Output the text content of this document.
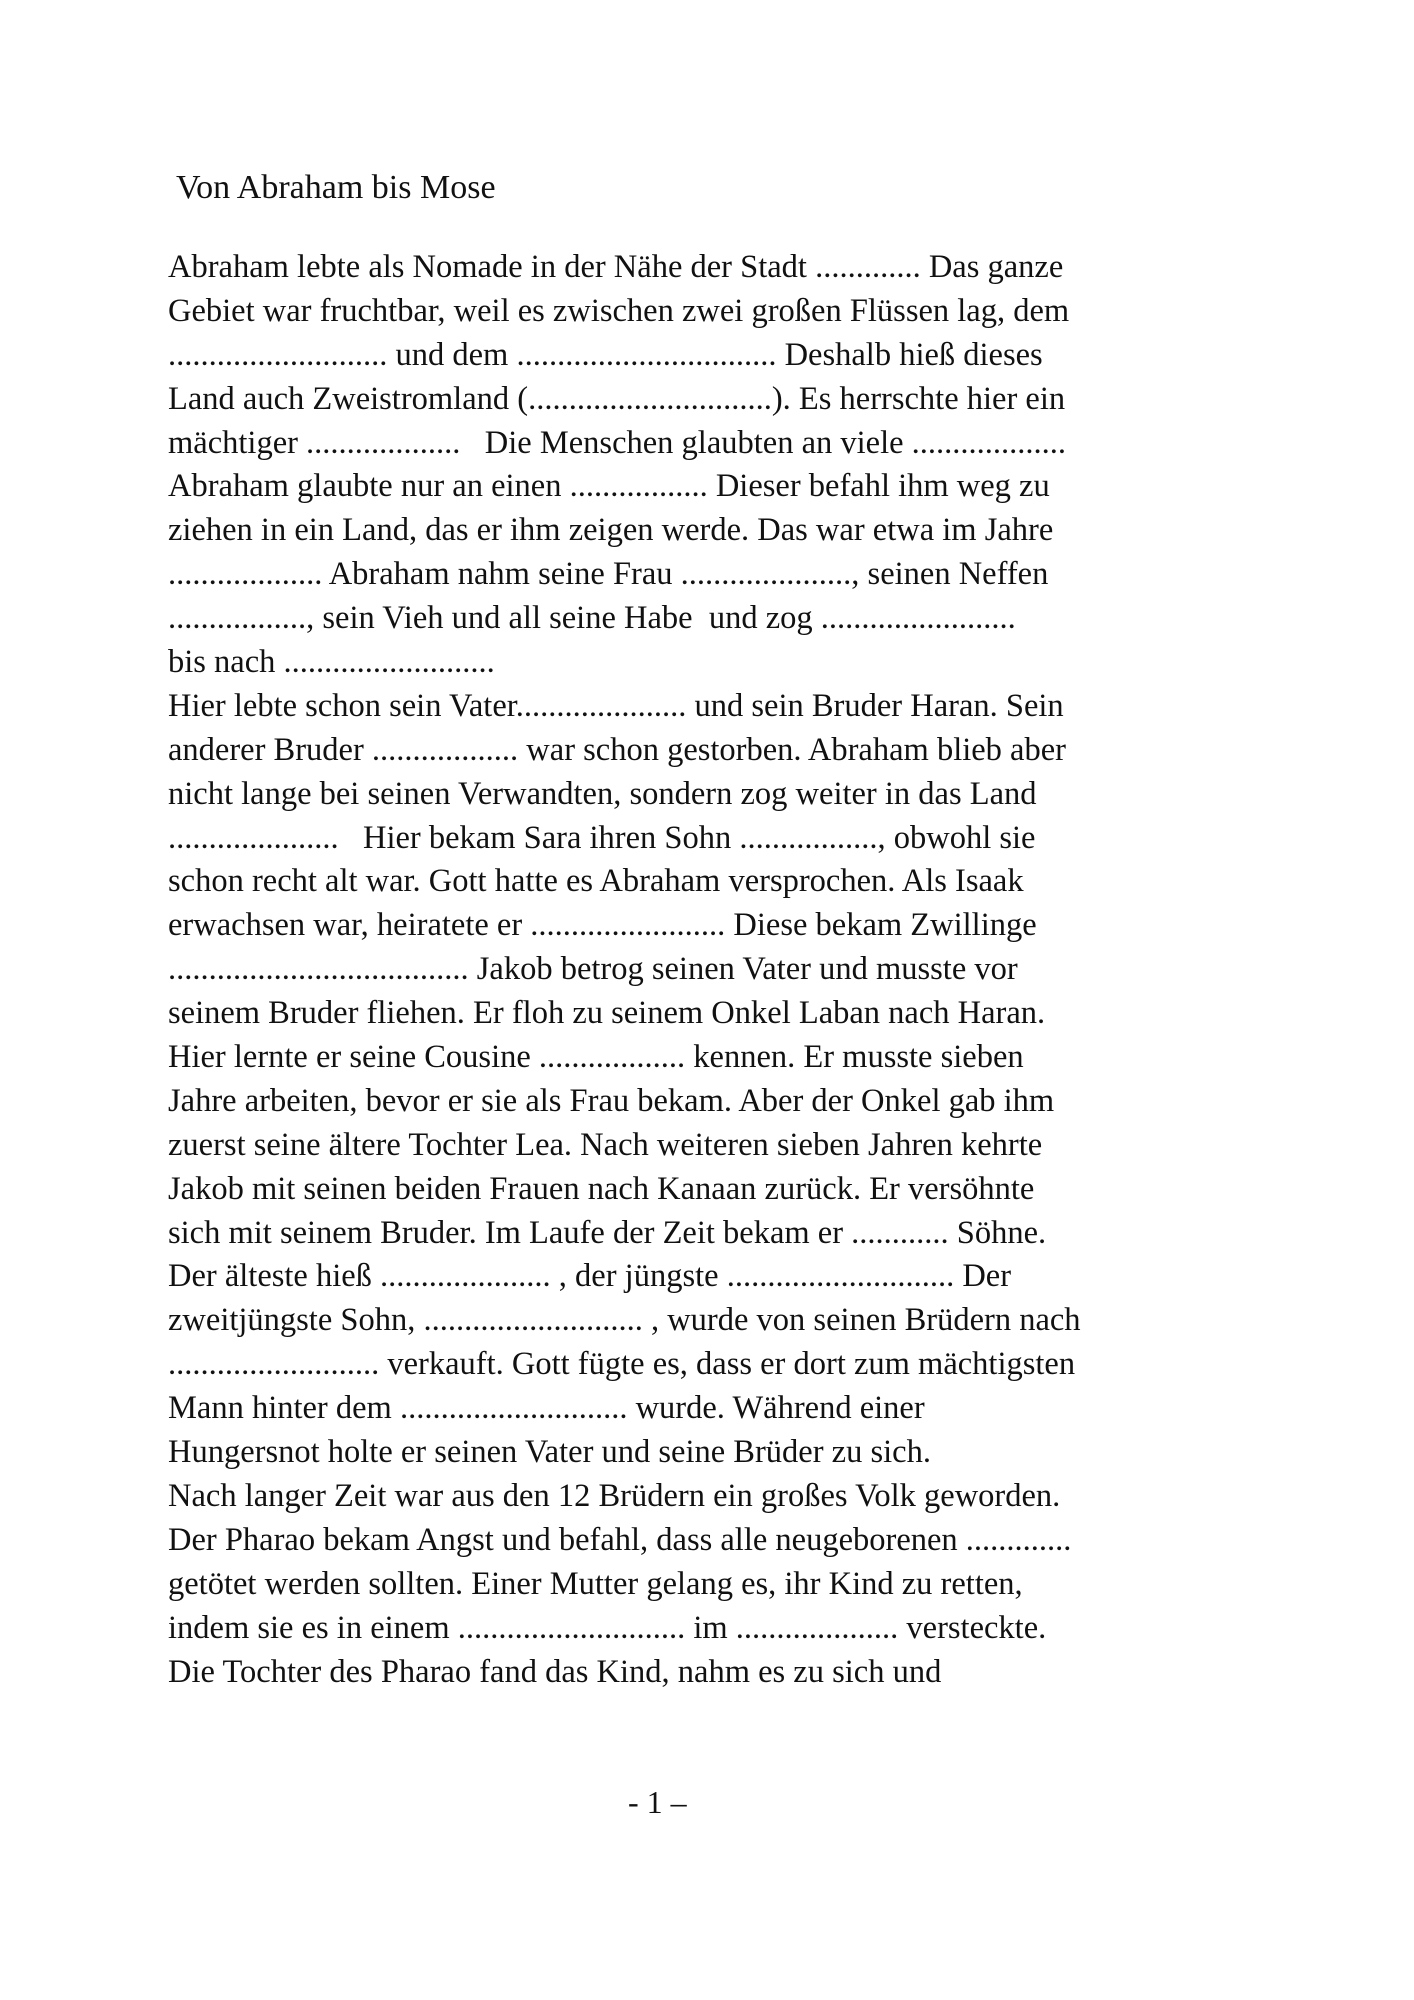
Von Abraham bis Mose
Abraham lebte als Nomade in der Nähe der Stadt ............. Das ganze
Gebiet war fruchtbar, weil es zwischen zwei großen Flüssen lag, dem
........................... und dem ................................ Deshalb hieß dieses
Land auch Zweistromland (..............................). Es herrschte hier ein
mächtiger ...................   Die Menschen glaubten an viele ...................
Abraham glaubte nur an einen ................. Dieser befahl ihm weg zu
ziehen in ein Land, das er ihm zeigen werde. Das war etwa im Jahre
................... Abraham nahm seine Frau ....................., seinen Neffen
................., sein Vieh und all seine Habe  und zog ........................
bis nach ..........................
Hier lebte schon sein Vater..................... und sein Bruder Haran. Sein
anderer Bruder .................. war schon gestorben. Abraham blieb aber
nicht lange bei seinen Verwandten, sondern zog weiter in das Land
.....................   Hier bekam Sara ihren Sohn ................., obwohl sie
schon recht alt war. Gott hatte es Abraham versprochen. Als Isaak
erwachsen war, heiratete er ........................ Diese bekam Zwillinge
..................................... Jakob betrog seinen Vater und musste vor
seinem Bruder fliehen. Er floh zu seinem Onkel Laban nach Haran.
Hier lernte er seine Cousine .................. kennen. Er musste sieben
Jahre arbeiten, bevor er sie als Frau bekam. Aber der Onkel gab ihm
zuerst seine ältere Tochter Lea. Nach weiteren sieben Jahren kehrte
Jakob mit seinen beiden Frauen nach Kanaan zurück. Er versöhnte
sich mit seinem Bruder. Im Laufe der Zeit bekam er ............ Söhne.
Der älteste hieß ..................... , der jüngste ............................ Der
zweitjüngste Sohn, ........................... , wurde von seinen Brüdern nach
.......................... verkauft. Gott fügte es, dass er dort zum mächtigsten
Mann hinter dem ............................ wurde. Während einer
Hungersnot holte er seinen Vater und seine Brüder zu sich.
Nach langer Zeit war aus den 12 Brüdern ein großes Volk geworden.
Der Pharao bekam Angst und befahl, dass alle neugeborenen .............
getötet werden sollten. Einer Mutter gelang es, ihr Kind zu retten,
indem sie es in einem ............................ im .................... versteckte.
Die Tochter des Pharao fand das Kind, nahm es zu sich und
- 1 –
